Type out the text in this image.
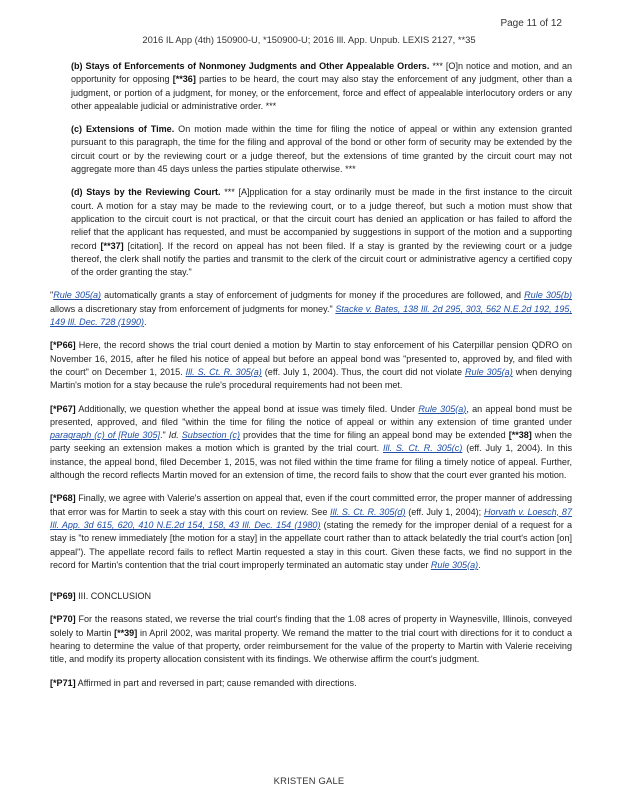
Page 11 of 12
2016 IL App (4th) 150900-U, *150900-U; 2016 Ill. App. Unpub. LEXIS 2127, **35

(b) Stays of Enforcements of Nonmoney Judgments and Other Appealable Orders. *** [O]n notice and motion, and an opportunity for opposing [**36] parties to be heard, the court may also stay the enforcement of any judgment, other than a judgment, or portion of a judgment, for money, or the enforcement, force and effect of appealable interlocutory orders or any other appealable judicial or administrative order. ***

(c) Extensions of Time. On motion made within the time for filing the notice of appeal or within any extension granted pursuant to this paragraph, the time for the filing and approval of the bond or other form of security may be extended by the circuit court or by the reviewing court or a judge thereof, but the extensions of time granted by the circuit court may not aggregate more than 45 days unless the parties stipulate otherwise. ***

(d) Stays by the Reviewing Court. *** [A]pplication for a stay ordinarily must be made in the first instance to the circuit court. A motion for a stay may be made to the reviewing court, or to a judge thereof, but such a motion must show that application to the circuit court is not practical, or that the circuit court has denied an application or has failed to afford the relief that the applicant has requested, and must be accompanied by suggestions in support of the motion and a supporting record [**37] [citation]. If the record on appeal has not been filed. If a stay is granted by the reviewing court or a judge thereof, the clerk shall notify the parties and transmit to the clerk of the circuit court or administrative agency a certified copy of the order granting the stay."

"Rule 305(a) automatically grants a stay of enforcement of judgments for money if the procedures are followed, and Rule 305(b) allows a discretionary stay from enforcement of judgments for money." Stacke v. Bates, 138 Ill. 2d 295, 303, 562 N.E.2d 192, 195, 149 Ill. Dec. 728 (1990).

[*P66] Here, the record shows the trial court denied a motion by Martin to stay enforcement of his Caterpillar pension QDRO on November 16, 2015, after he filed his notice of appeal but before an appeal bond was "presented to, approved by, and filed with the court" on December 1, 2015. Ill. S. Ct. R. 305(a) (eff. July 1, 2004). Thus, the court did not violate Rule 305(a) when denying Martin's motion for a stay because the rule's procedural requirements had not been met.

[*P67] Additionally, we question whether the appeal bond at issue was timely filed. Under Rule 305(a), an appeal bond must be presented, approved, and filed "within the time for filing the notice of appeal or within any extension of time granted under paragraph (c) of [Rule 305]." Id. Subsection (c) provides that the time for filing an appeal bond may be extended [**38] when the party seeking an extension makes a motion which is granted by the trial court. Ill. S. Ct. R. 305(c) (eff. July 1, 2004). In this instance, the appeal bond, filed December 1, 2015, was not filed within the time frame for filing a timely notice of appeal. Further, although the record reflects Martin moved for an extension of time, the record fails to show that the court ever granted his motion.

[*P68] Finally, we agree with Valerie's assertion on appeal that, even if the court committed error, the proper manner of addressing that error was for Martin to seek a stay with this court on review. See Ill. S. Ct. R. 305(d) (eff. July 1, 2004); Horvath v. Loesch, 87 Ill. App. 3d 615, 620, 410 N.E.2d 154, 158, 43 Ill. Dec. 154 (1980) (stating the remedy for the improper denial of a request for a stay is "to renew immediately [the motion for a stay] in the appellate court rather than to attack belatedly the trial court's action [on] appeal"). The appellate record fails to reflect Martin requested a stay in this court. Given these facts, we find no support in the record for Martin's contention that the trial court improperly terminated an automatic stay under Rule 305(a).

[*P69] III. CONCLUSION

[*P70] For the reasons stated, we reverse the trial court's finding that the 1.08 acres of property in Waynesville, Illinois, conveyed solely to Martin [**39] in April 2002, was marital property. We remand the matter to the trial court with directions for it to conduct a hearing to determine the value of that property, order reimbursement for the value of the property to Martin with Valerie receiving title, and modify its property allocation consistent with its findings. We otherwise affirm the court's judgment.

[*P71] Affirmed in part and reversed in part; cause remanded with directions.

KRISTEN GALE
